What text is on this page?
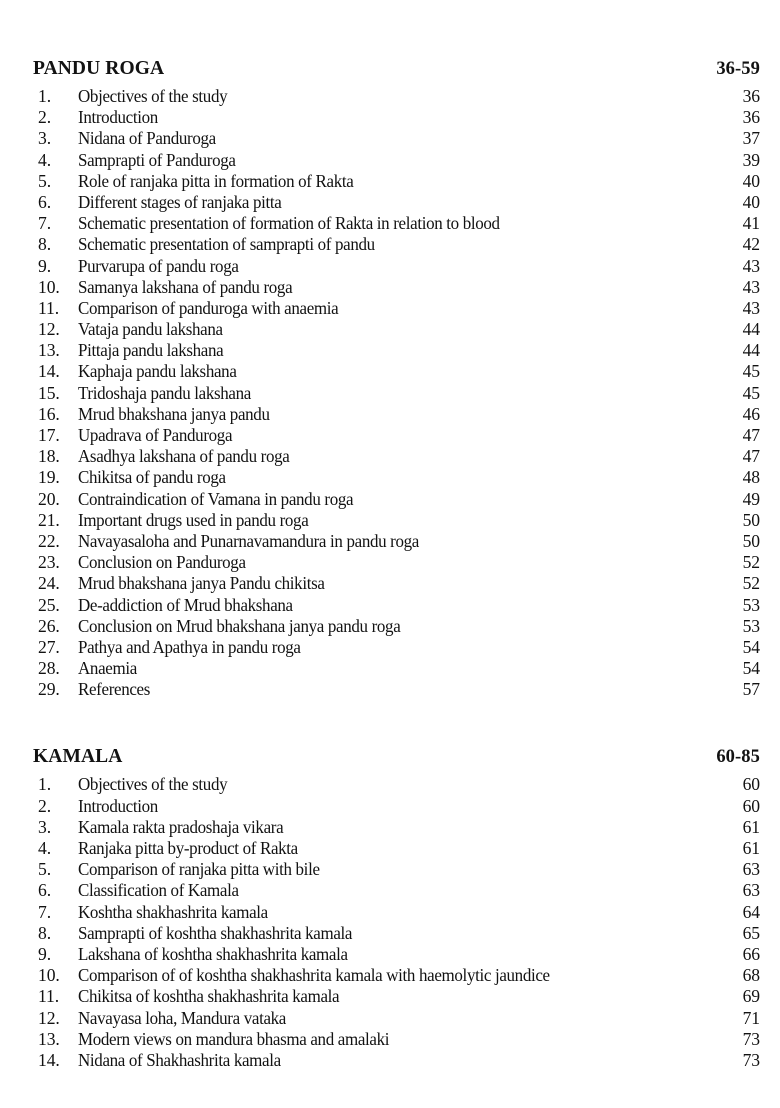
PANDU ROGA	36-59
1.	Objectives of the study	36
2.	Introduction	36
3.	Nidana of Panduroga	37
4.	Samprapti of Panduroga	39
5.	Role of ranjaka pitta in formation of Rakta	40
6.	Different stages of ranjaka pitta	40
7.	Schematic presentation of formation of Rakta in relation to blood	41
8.	Schematic presentation of samprapti of pandu	42
9.	Purvarupa of pandu roga	43
10.	Samanya lakshana of pandu roga	43
11.	Comparison of panduroga with anaemia	43
12.	Vataja pandu lakshana	44
13.	Pittaja pandu lakshana	44
14.	Kaphaja pandu lakshana	45
15.	Tridoshaja pandu lakshana	45
16.	Mrud bhakshana janya pandu	46
17.	Upadrava of Panduroga	47
18.	Asadhya lakshana of pandu roga	47
19.	Chikitsa of pandu roga	48
20.	Contraindication of Vamana in pandu roga	49
21.	Important drugs used in pandu roga	50
22.	Navayasaloha and Punarnavamandura in pandu roga	50
23.	Conclusion on Panduroga	52
24.	Mrud bhakshana janya Pandu chikitsa	52
25.	De-addiction of Mrud bhakshana	53
26.	Conclusion on Mrud bhakshana janya pandu roga	53
27.	Pathya and Apathya in pandu roga	54
28.	Anaemia	54
29.	References	57
KAMALA	60-85
1.	Objectives of the study	60
2.	Introduction	60
3.	Kamala rakta pradoshaja vikara	61
4.	Ranjaka pitta by-product of Rakta	61
5.	Comparison of ranjaka pitta with bile	63
6.	Classification of Kamala	63
7.	Koshtha shakhashrita kamala	64
8.	Samprapti of koshtha shakhashrita kamala	65
9.	Lakshana of koshtha shakhashrita kamala	66
10.	Comparison of of koshtha shakhashrita kamala with haemolytic jaundice	68
11.	Chikitsa of koshtha shakhashrita kamala	69
12.	Navayasa loha, Mandura vataka	71
13.	Modern views on mandura bhasma and amalaki	73
14.	Nidana of Shakhashrita kamala	73
